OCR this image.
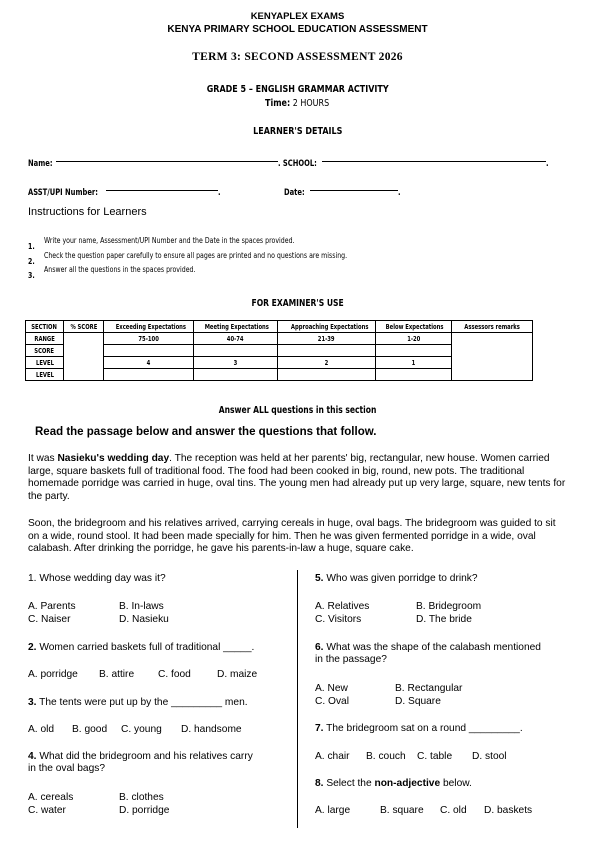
KENYAPLEX EXAMS
KENYA PRIMARY SCHOOL EDUCATION ASSESSMENT
TERM 3: SECOND ASSESSMENT 2026
GRADE 5 – ENGLISH GRAMMAR ACTIVITY
Time: 2 HOURS
LEARNER'S DETAILS
Name:	. SCHOOL:	.
ASST/UPI Number:	.	Date:	.
Instructions for Learners
1.
Write your name, Assessment/UPI Number and the Date in the spaces provided.
2.
Check the question paper carefully to ensure all pages are printed and no questions are missing.
3.
Answer all the questions in the spaces provided.
FOR EXAMINER'S USE
SECTION	% SCORE	Exceeding Expectations	Meeting Expectations	Approaching Expectations	Below Expectations	Assessors remarks
RANGE		75-100	40-74	21-39	1-20	
SCORE						
LEVEL		4	3	2	1	
LEVEL						
Answer ALL questions in this section
Read the passage below and answer the questions that follow.
It was Nasieku's wedding day. The reception was held at her parents' big, rectangular, new house. Women carried large, square baskets full of traditional food. The food had been cooked in big, round, new pots. The traditional homemade porridge was carried in huge, oval tins. The young men had already put up very large, square, new tents for the party.
Soon, the bridegroom and his relatives arrived, carrying cereals in huge, oval bags. The bridegroom was guided to sit on a wide, round stool. It had been made specially for him. Then he was given fermented porridge in a wide, oval calabash. After drinking the porridge, he gave his parents-in-law a huge, square cake.
1. Whose wedding day was it?
A. Parents	B. In-laws
C. Naiser	D. Nasieku
2. Women carried baskets full of traditional _____.
A. porridge B. attire C. food	D. maize
3. The tents were put up by the _________ men.
A. old B. good C. young D. handsome
4. What did the bridegroom and his relatives carry
in the oval bags?
A. cereals	B. clothes
C. water	D. porridge
5. Who was given porridge to drink?
A. Relatives	B. Bridegroom
C. Visitors	D. The bride
6. What was the shape of the calabash mentioned
in the passage?
A. New	B. Rectangular
C. Oval	D. Square
7. The bridegroom sat on a round _________.
A. chair B. couch C. table D. stool
8. Select the non-adjective below.
A. large	B. square C. old D. baskets
